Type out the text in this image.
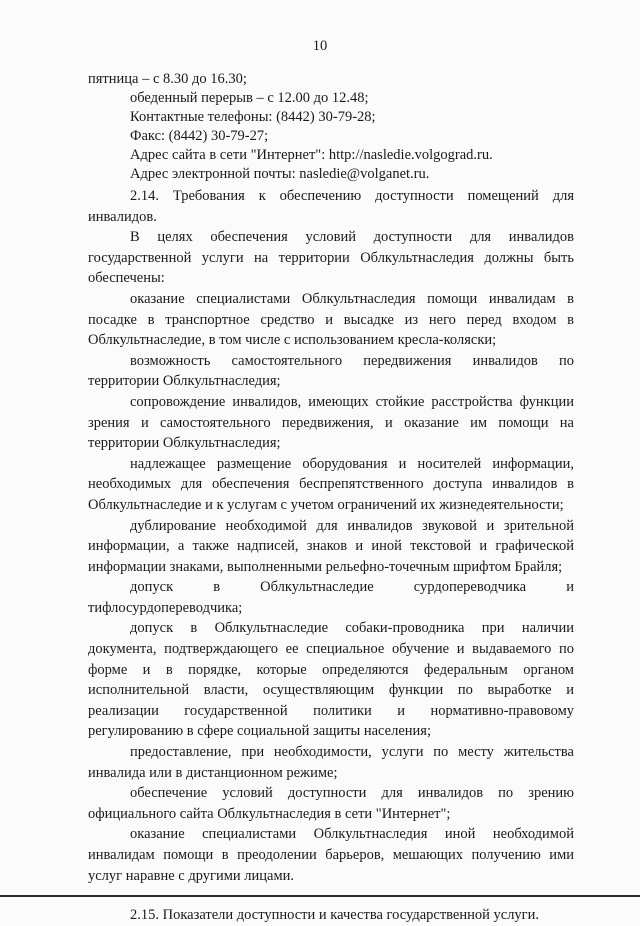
10
пятница – с 8.30 до 16.30;
обеденный перерыв – с 12.00 до 12.48;
Контактные телефоны: (8442) 30-79-28;
Факс: (8442) 30-79-27;
Адрес сайта в сети "Интернет": http://nasledie.volgograd.ru.
Адрес электронной почты: nasledie@volganet.ru.

2.14. Требования к обеспечению доступности помещений для инвалидов.

В целях обеспечения условий доступности для инвалидов государственной услуги на территории Облкультнаследия должны быть обеспечены:

оказание специалистами Облкультнаследия помощи инвалидам в посадке в транспортное средство и высадке из него перед входом в Облкультнаследие, в том числе с использованием кресла-коляски;

возможность самостоятельного передвижения инвалидов по территории Облкультнаследия;

сопровождение инвалидов, имеющих стойкие расстройства функции зрения и самостоятельного передвижения, и оказание им помощи на территории Облкультнаследия;

надлежащее размещение оборудования и носителей информации, необходимых для обеспечения беспрепятственного доступа инвалидов в Облкультнаследие и к услугам с учетом ограничений их жизнедеятельности;

дублирование необходимой для инвалидов звуковой и зрительной информации, а также надписей, знаков и иной текстовой и графической информации знаками, выполненными рельефно-точечным шрифтом Брайля;

допуск в Облкультнаследие сурдопереводчика и тифлосурдопереводчика;

допуск в Облкультнаследие собаки-проводника при наличии документа, подтверждающего ее специальное обучение и выдаваемого по форме и в порядке, которые определяются федеральным органом исполнительной власти, осуществляющим функции по выработке и реализации государственной политики и нормативно-правовому регулированию в сфере социальной защиты населения;

предоставление, при необходимости, услуги по месту жительства инвалида или в дистанционном режиме;

обеспечение условий доступности для инвалидов по зрению официального сайта Облкультнаследия в сети "Интернет";

оказание специалистами Облкультнаследия иной необходимой инвалидам помощи в преодолении барьеров, мешающих получению ими услуг наравне с другими лицами.

2.15. Показатели доступности и качества государственной услуги.
